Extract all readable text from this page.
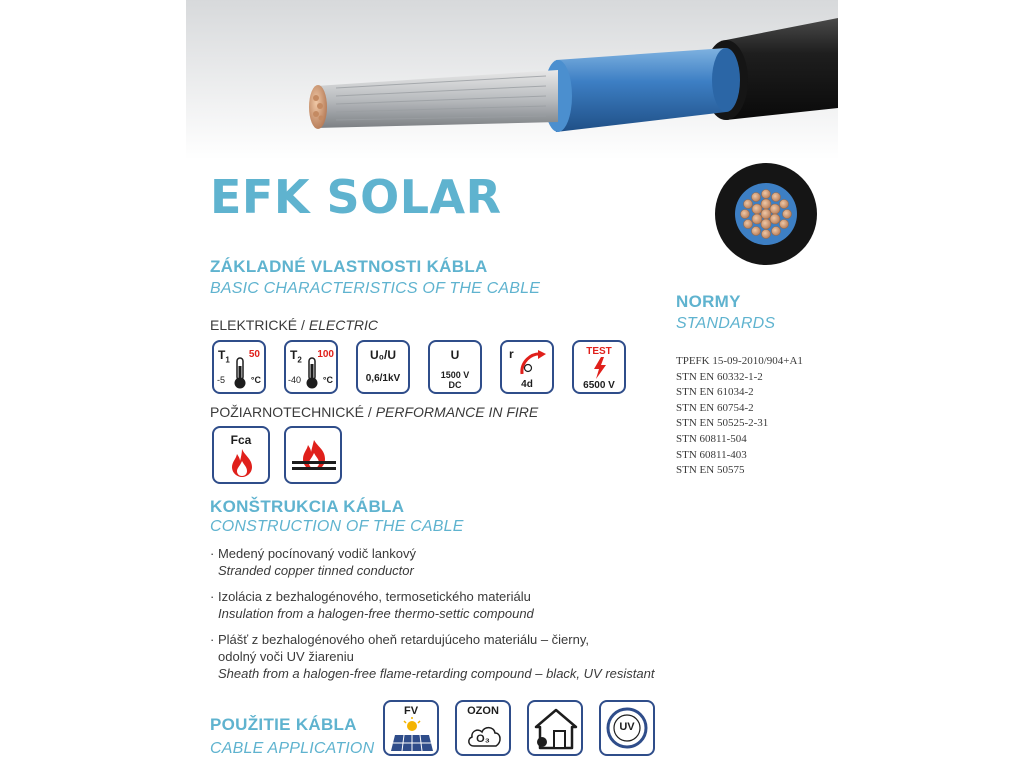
EFK SOLAR
ZÁKLADNÉ VLASTNOSTI KÁBLA
BASIC CHARACTERISTICS OF THE CABLE
ELEKTRICKÉ / ELECTRIC
$T_1$ 50
-5	°C
$T_2$ 100
-40 °C
U₀/U
0,6/1kV
U
1500 V
DC
r
4d
TEST
6500 V
POŽIARNOTECHNICKÉ / PERFORMANCE IN FIRE
Fca
KONŠTRUKCIA KÁBLA
CONSTRUCTION OF THE CABLE
· Medený pocínovaný vodič lankový
Stranded copper tinned conductor
· Izolácia z bezhalogénového, termosetického materiálu
Insulation from a halogen-free thermo-settic compound
· Plášť z bezhalogénového oheň retardujúceho materiálu – čierny,
odolný voči UV žiareniu
Sheath from a halogen-free flame-retarding compound – black, UV resistant
POUŽITIE KÁBLA
CABLE APPLICATION
FV	OZON
O₃
UV
NORMY
STANDARDS
TPEFK 15-09-2010/904+A1
STN EN 60332-1-2
STN EN 61034-2
STN EN 60754-2
STN EN 50525-2-31
STN 60811-504
STN 60811-403
STN EN 50575
